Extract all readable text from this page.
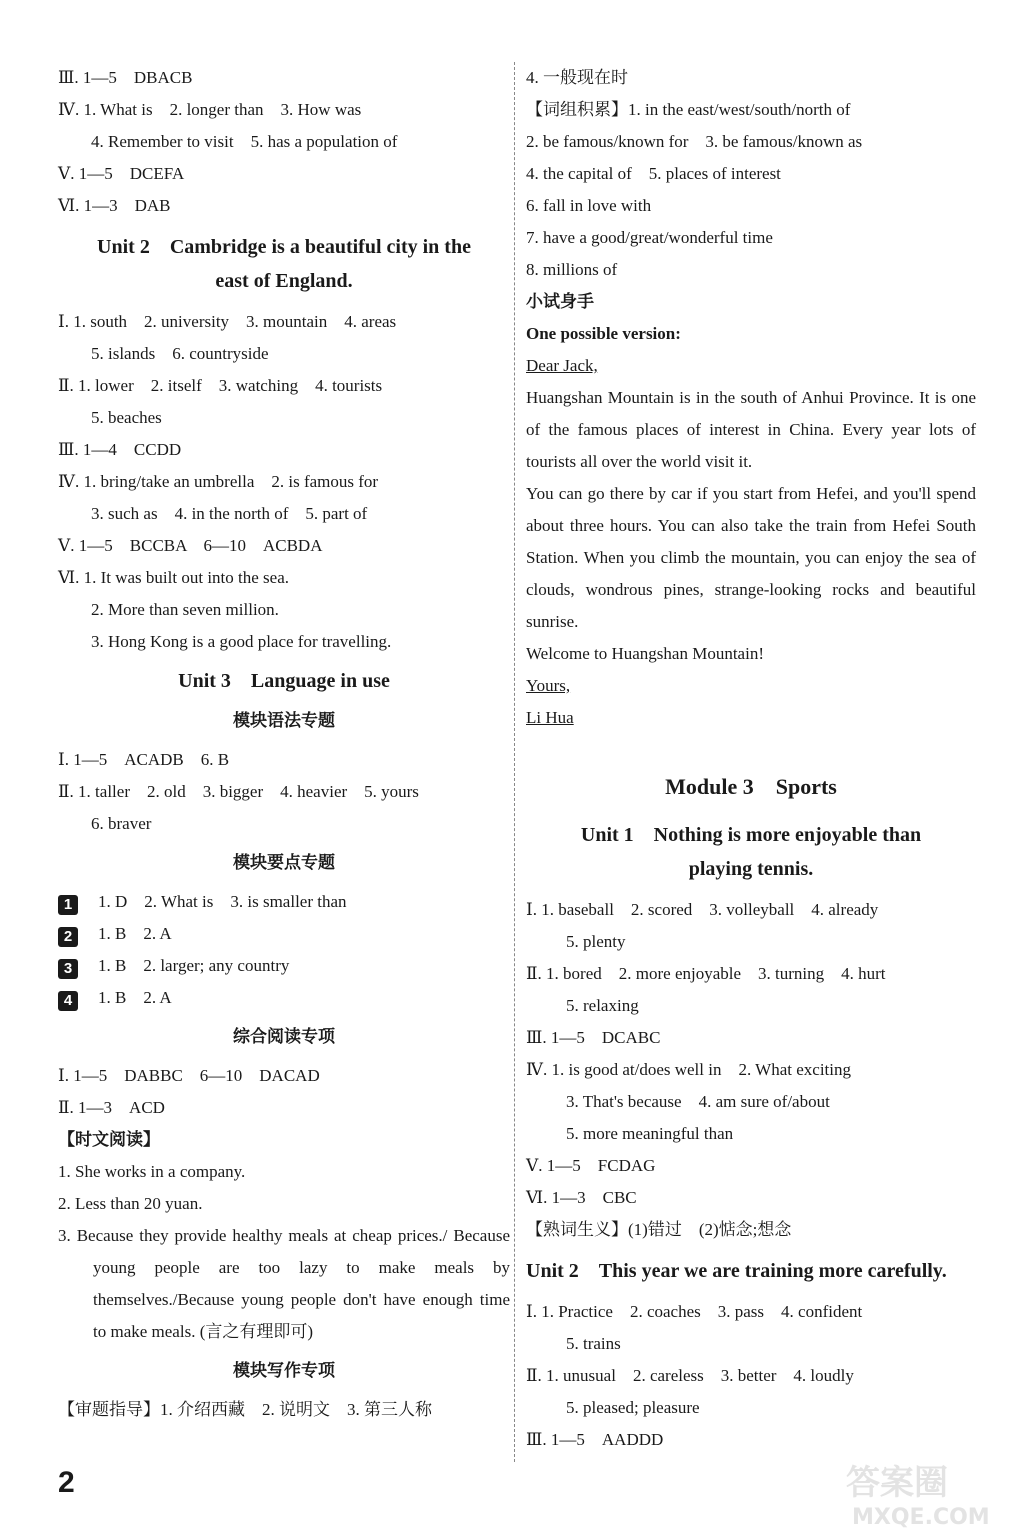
Ⅲ. 1—5　DBACB
Ⅳ. 1. What is　2. longer than　3. How was
4. Remember to visit　5. has a population of
Ⅴ. 1—5　DCEFA
Ⅵ. 1—3　DAB
Unit 2　Cambridge is a beautiful city in the
east of England.
Ⅰ. 1. south　2. university　3. mountain　4. areas
5. islands　6. countryside
Ⅱ. 1. lower　2. itself　3. watching　4. tourists
5. beaches
Ⅲ. 1—4　CCDD
Ⅳ. 1. bring/take an umbrella　2. is famous for
3. such as　4. in the north of　5. part of
Ⅴ. 1—5　BCCBA　6—10　ACBDA
Ⅵ. 1. It was built out into the sea.
2. More than seven million.
3. Hong Kong is a good place for travelling.
Unit 3　Language in use
模块语法专题
Ⅰ. 1—5　ACADB　6. B
Ⅱ. 1. taller　2. old　3. bigger　4. heavier　5. yours
6. braver
模块要点专题
1 1. D　2. What is　3. is smaller than
2 1. B　2. A
3 1. B　2. larger; any country
4 1. B　2. A
综合阅读专项
Ⅰ. 1—5　DABBC　6—10　DACAD
Ⅱ. 1—3　ACD
【时文阅读】
1. She works in a company.
2. Less than 20 yuan.
3. Because they provide healthy meals at cheap prices./ Because young people are too lazy to make meals by themselves./Because young people don't have enough time to make meals. (言之有理即可)
模块写作专项
【审题指导】1. 介绍西藏　2. 说明文　3. 第三人称
4. 一般现在时
【词组积累】1. in the east/west/south/north of
2. be famous/known for　3. be famous/known as
4. the capital of　5. places of interest
6. fall in love with
7. have a good/great/wonderful time
8. millions of
小试身手
One possible version:
Dear Jack,
Huangshan Mountain is in the south of Anhui Province. It is one of the famous places of interest in China. Every year lots of tourists all over the world visit it.
You can go there by car if you start from Hefei, and you'll spend about three hours. You can also take the train from Hefei South Station. When you climb the mountain, you can enjoy the sea of clouds, wondrous pines, strange-looking rocks and beautiful sunrise.
Welcome to Huangshan Mountain!
Yours,
Li Hua
Module 3　Sports
Unit 1　Nothing is more enjoyable than
playing tennis.
Ⅰ. 1. baseball　2. scored　3. volleyball　4. already
5. plenty
Ⅱ. 1. bored　2. more enjoyable　3. turning　4. hurt
5. relaxing
Ⅲ. 1—5　DCABC
Ⅳ. 1. is good at/does well in　2. What exciting
3. That's because　4. am sure of/about
5. more meaningful than
Ⅴ. 1—5　FCDAG
Ⅵ. 1—3　CBC
【熟词生义】(1)错过　(2)惦念;想念
Unit 2　This year we are training more carefully.
Ⅰ. 1. Practice　2. coaches　3. pass　4. confident
5. trains
Ⅱ. 1. unusual　2. careless　3. better　4. loudly
5. pleased; pleasure
Ⅲ. 1—5　AADDD
2	答案圈
MXQE.COM
